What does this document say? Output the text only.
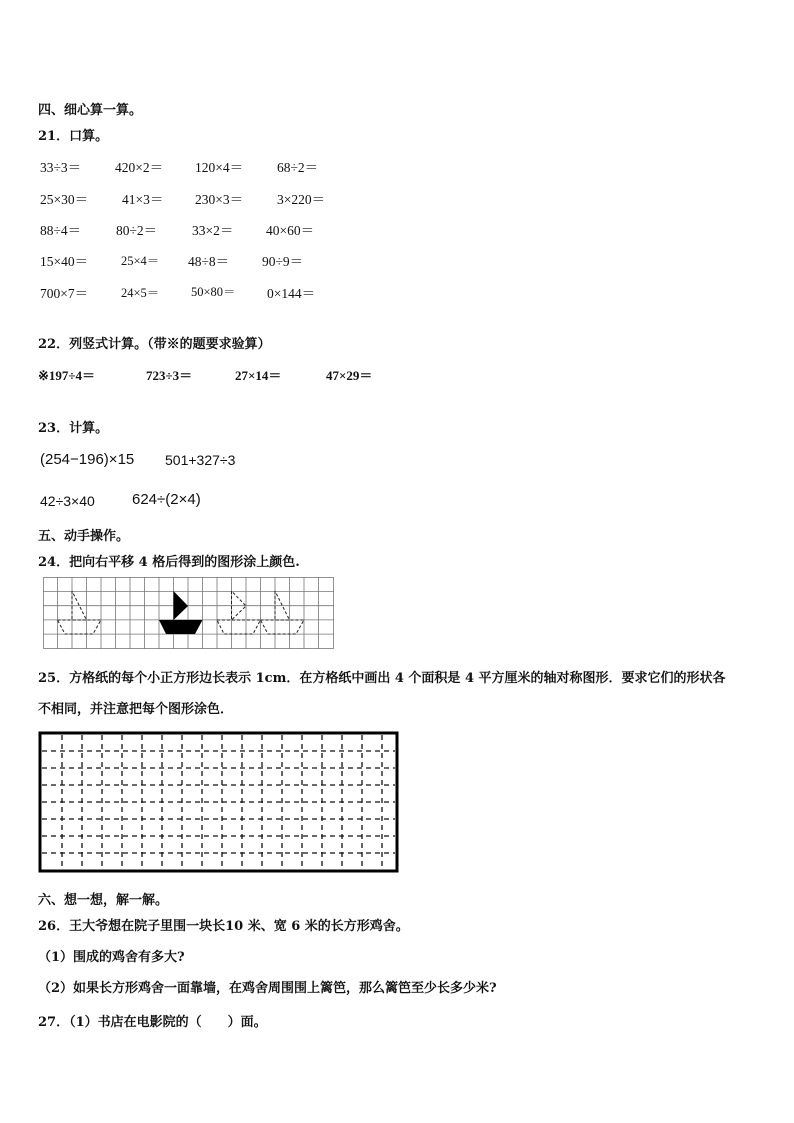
四、细心算一算。
21．口算。
33÷3＝	420×2＝ 120×4＝	68÷2＝
25×30＝	41×3＝ 230×3＝	3×220＝
88÷4＝	80÷2＝	33×2＝ 40×60＝
15×40＝	25×4＝ 48÷8＝ 90÷9＝
700×7＝	24×5＝	50×80＝ 0×144＝
22．列竖式计算。（带※的题要求验算）
※197÷4＝	723÷3＝	27×14＝	47×29＝
23．计算。
(254−196)×15 501+327÷3
42÷3×40 624÷(2×4)
五、动手操作。
24．把向右平移 4 格后得到的图形涂上颜色.
25．方格纸的每个小正方形边长表示 1cm．在方格纸中画出 4 个面积是 4 平方厘米的轴对称图形．要求它们的形状各
不相同，并注意把每个图形涂色．
六、想一想，解一解。
26．王大爷想在院子里围一块长10 米、宽 6 米的长方形鸡舍。
（1）围成的鸡舍有多大?
（2）如果长方形鸡舍一面靠墙，在鸡舍周围围上篱笆，那么篱笆至少长多少米?
27．（1）书店在电影院的（　　）面。
